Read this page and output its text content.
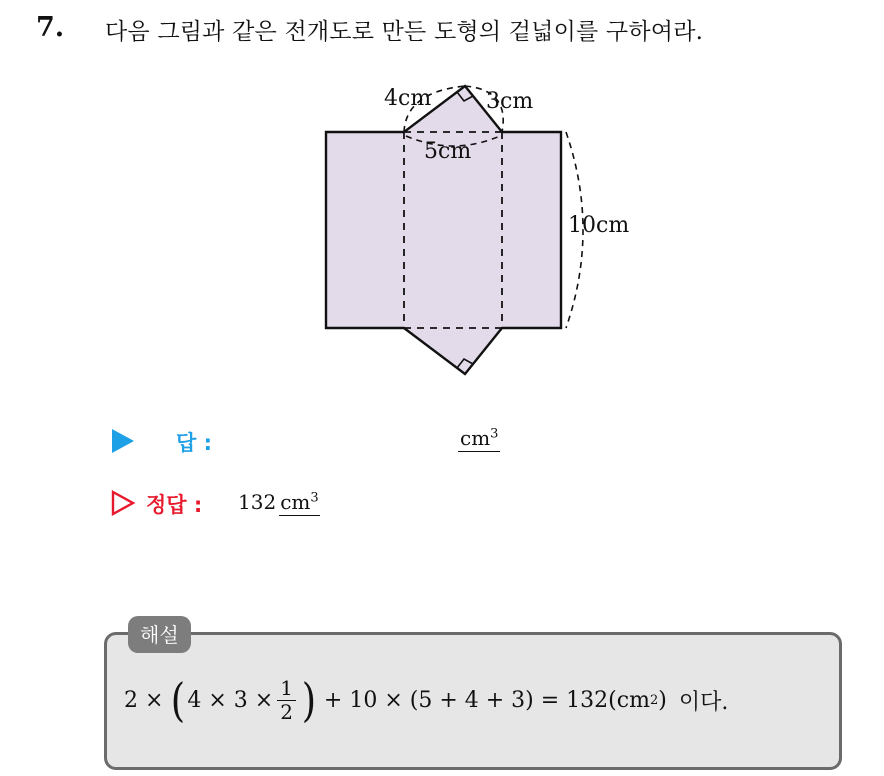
7. 다음 그림과 같은 전개도로 만든 도형의 겉넓이를 구하여라.
4cm 3cm
5cm
10cm
답 :	$cm^3$
정답 : 132 $cm^3$
해설
2 × ( $4 \times 3 \times \frac{1}{2}$ ) + 10 × (5 + 4 + 3) = 132(cm 2 ) 이다.
